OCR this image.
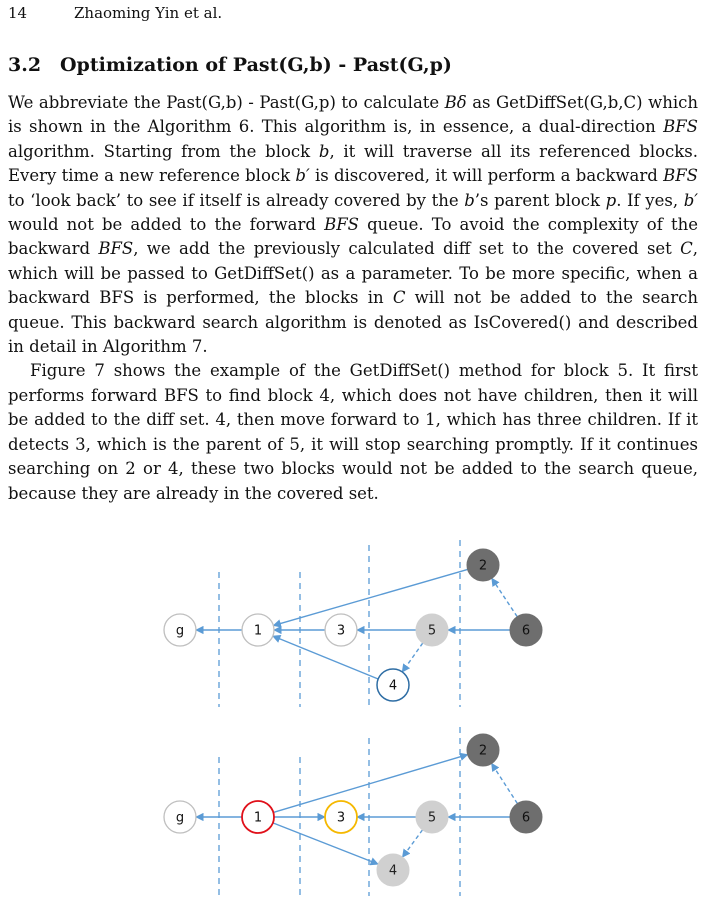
14	Zhaoming Yin et al.
3.2 Optimization of Past(G,b) - Past(G,p)

We abbreviate the Past(G,b) - Past(G,p) to calculate Bδ as GetDiffSet(G,b,C) which is shown in the Algorithm 6. This algorithm is, in essence, a dual-direction BFS algorithm. Starting from the block b, it will traverse all its referenced blocks. Every time a new reference block b′ is discovered, it will perform a backward BFS to ‘look back’ to see if itself is already covered by the b’s parent block p. If yes, b′ would not be added to the forward BFS queue. To avoid the complexity of the backward BFS, we add the previously calculated diff set to the covered set C, which will be passed to GetDiffSet() as a parameter. To be more specific, when a backward BFS is performed, the blocks in C will not be added to the search queue. This backward search algorithm is denoted as IsCovered() and described in detail in Algorithm 7.

Figure 7 shows the example of the GetDiffSet() method for block 5. It first performs forward BFS to find block 4, which does not have children, then it will be added to the diff set. 4, then move forward to 1, which has three children. If it detects 3, which is the parent of 5, it will stop searching promptly. If it continues searching on 2 or 4, these two blocks would not be added to the search queue, because they are already in the covered set.

g	1	3	5
4
2
6
g	1	3	5
4
2
6
